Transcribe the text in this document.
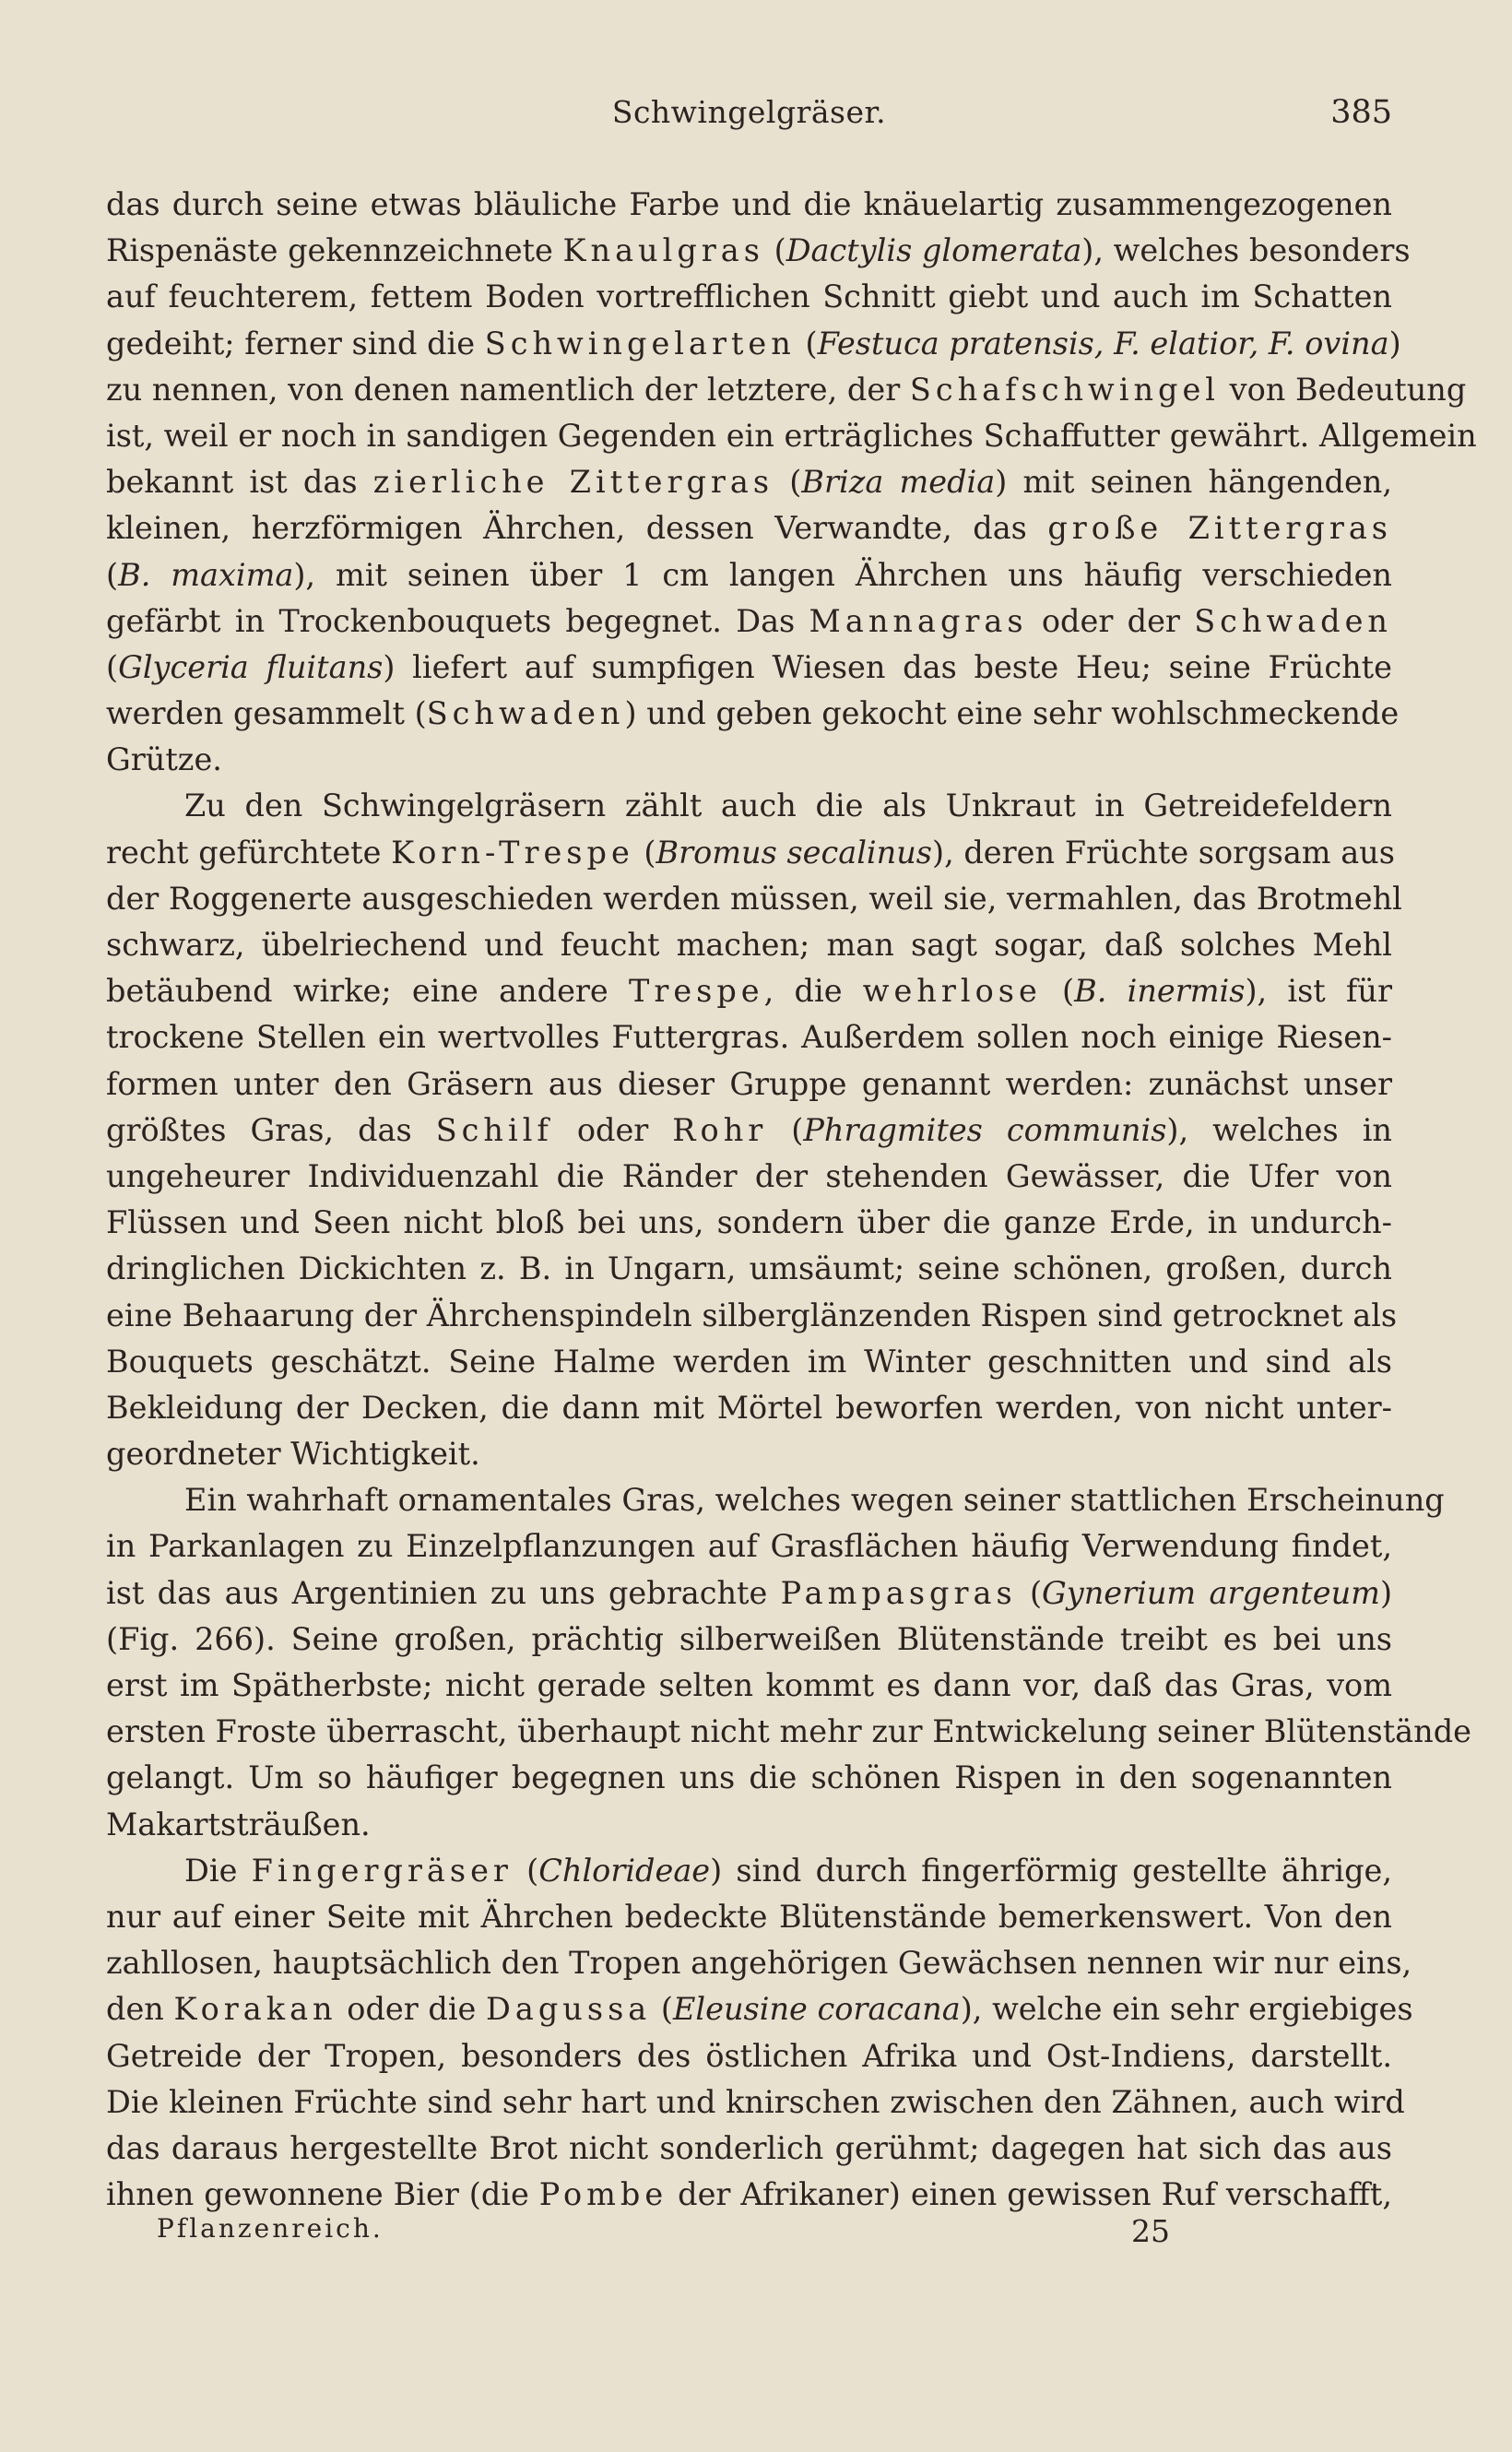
Schwingelgräser.	385
das durch seine etwas bläuliche Farbe und die knäuelartig zusammengezogenen
Rispenäste gekennzeichnete Knaulgras (Dactylis glomerata), welches besonders
auf feuchterem, fettem Boden vortrefflichen Schnitt giebt und auch im Schatten
gedeiht; ferner sind die Schwingelarten (Festuca pratensis, F. elatior, F. ovina)
zu nennen, von denen namentlich der letztere, der Schafschwingel von Bedeutung
ist, weil er noch in sandigen Gegenden ein erträgliches Schaffutter gewährt. Allgemein
bekannt ist das zierliche Zittergras (Briza media) mit seinen hängenden,
kleinen, herzförmigen Ährchen, dessen Verwandte, das große Zittergras
(B. maxima), mit seinen über 1 cm langen Ährchen uns häufig verschieden
gefärbt in Trockenbouquets begegnet. Das Mannagras oder der Schwaden
(Glyceria fluitans) liefert auf sumpfigen Wiesen das beste Heu; seine Früchte
werden gesammelt (Schwaden) und geben gekocht eine sehr wohlschmeckende
Grütze.
Zu den Schwingelgräsern zählt auch die als Unkraut in Getreidefeldern
recht gefürchtete Korn-Trespe (Bromus secalinus), deren Früchte sorgsam aus
der Roggenerte ausgeschieden werden müssen, weil sie, vermahlen, das Brotmehl
schwarz, übelriechend und feucht machen; man sagt sogar, daß solches Mehl
betäubend wirke; eine andere Trespe, die wehrlose (B. inermis), ist für
trockene Stellen ein wertvolles Futtergras. Außerdem sollen noch einige Riesen-
formen unter den Gräsern aus dieser Gruppe genannt werden: zunächst unser
größtes Gras, das Schilf oder Rohr (Phragmites communis), welches in
ungeheurer Individuenzahl die Ränder der stehenden Gewässer, die Ufer von
Flüssen und Seen nicht bloß bei uns, sondern über die ganze Erde, in undurch-
dringlichen Dickichten z. B. in Ungarn, umsäumt; seine schönen, großen, durch
eine Behaarung der Ährchenspindeln silberglänzenden Rispen sind getrocknet als
Bouquets geschätzt. Seine Halme werden im Winter geschnitten und sind als
Bekleidung der Decken, die dann mit Mörtel beworfen werden, von nicht unter-
geordneter Wichtigkeit.
Ein wahrhaft ornamentales Gras, welches wegen seiner stattlichen Erscheinung
in Parkanlagen zu Einzelpflanzungen auf Grasflächen häufig Verwendung findet,
ist das aus Argentinien zu uns gebrachte Pampasgras (Gynerium argenteum)
(Fig. 266). Seine großen, prächtig silberweißen Blütenstände treibt es bei uns
erst im Spätherbste; nicht gerade selten kommt es dann vor, daß das Gras, vom
ersten Froste überrascht, überhaupt nicht mehr zur Entwickelung seiner Blütenstände
gelangt. Um so häufiger begegnen uns die schönen Rispen in den sogenannten
Makartsträußen.
Die Fingergräser (Chlorideae) sind durch fingerförmig gestellte ährige,
nur auf einer Seite mit Ährchen bedeckte Blütenstände bemerkenswert. Von den
zahllosen, hauptsächlich den Tropen angehörigen Gewächsen nennen wir nur eins,
den Korakan oder die Dagussa (Eleusine coracana), welche ein sehr ergiebiges
Getreide der Tropen, besonders des östlichen Afrika und Ost-Indiens, darstellt.
Die kleinen Früchte sind sehr hart und knirschen zwischen den Zähnen, auch wird
das daraus hergestellte Brot nicht sonderlich gerühmt; dagegen hat sich das aus
ihnen gewonnene Bier (die Pombe der Afrikaner) einen gewissen Ruf verschafft,
Pflanzenreich.	25
